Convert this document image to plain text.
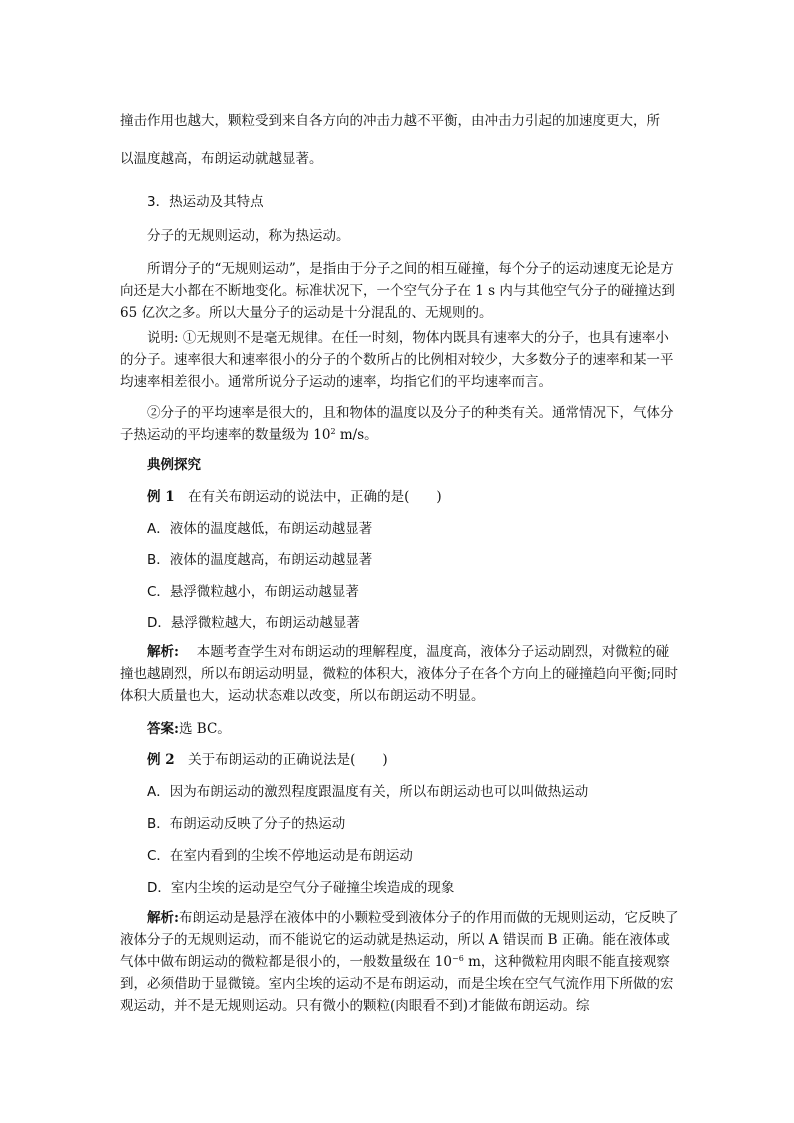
撞击作用也越大，颗粒受到来自各方向的冲击力越不平衡，由冲击力引起的加速度更大，所

以温度越高，布朗运动就越显著。

3．热运动及其特点

分子的无规则运动，称为热运动。

所谓分子的“无规则运动”，是指由于分子之间的相互碰撞，每个分子的运动速度无论是方向还是大小都在不断地变化。标准状况下，一个空气分子在 1 s 内与其他空气分子的碰撞达到 65 亿次之多。所以大量分子的运动是十分混乱的、无规则的。

说明: ①无规则不是毫无规律。在任一时刻，物体内既具有速率大的分子，也具有速率小的分子。速率很大和速率很小的分子的个数所占的比例相对较少，大多数分子的速率和某一平均速率相差很小。通常所说分子运动的速率，均指它们的平均速率而言。

②分子的平均速率是很大的，且和物体的温度以及分子的种类有关。通常情况下，气体分子热运动的平均速率的数量级为 $10^2$ m/s。

典例探究

例 1　 在有关布朗运动的说法中，正确的是(　　)

A．液体的温度越低，布朗运动越显著

B．液体的温度越高，布朗运动越显著

C．悬浮微粒越小，布朗运动越显著

D．悬浮微粒越大，布朗运动越显著

解析:　 本题考查学生对布朗运动的理解程度，温度高，液体分子运动剧烈，对微粒的碰撞也越剧烈，所以布朗运动明显，微粒的体积大，液体分子在各个方向上的碰撞趋向平衡;同时体积大质量也大，运动状态难以改变，所以布朗运动不明显。

答案:选 BC。

例 2　 关于布朗运动的正确说法是(　　)

A．因为布朗运动的激烈程度跟温度有关，所以布朗运动也可以叫做热运动

B．布朗运动反映了分子的热运动

C．在室内看到的尘埃不停地运动是布朗运动

D．室内尘埃的运动是空气分子碰撞尘埃造成的现象

解析:布朗运动是悬浮在液体中的小颗粒受到液体分子的作用而做的无规则运动，它反映了液体分子的无规则运动，而不能说它的运动就是热运动，所以 A 错误而 B 正确。能在液体或气体中做布朗运动的微粒都是很小的，一般数量级在 $10^{-6}$ m，这种微粒用肉眼不能直接观察到，必须借助于显微镜。室内尘埃的运动不是布朗运动，而是尘埃在空气气流作用下所做的宏观运动，并不是无规则运动。只有微小的颗粒(肉眼看不到)才能做布朗运动。综
